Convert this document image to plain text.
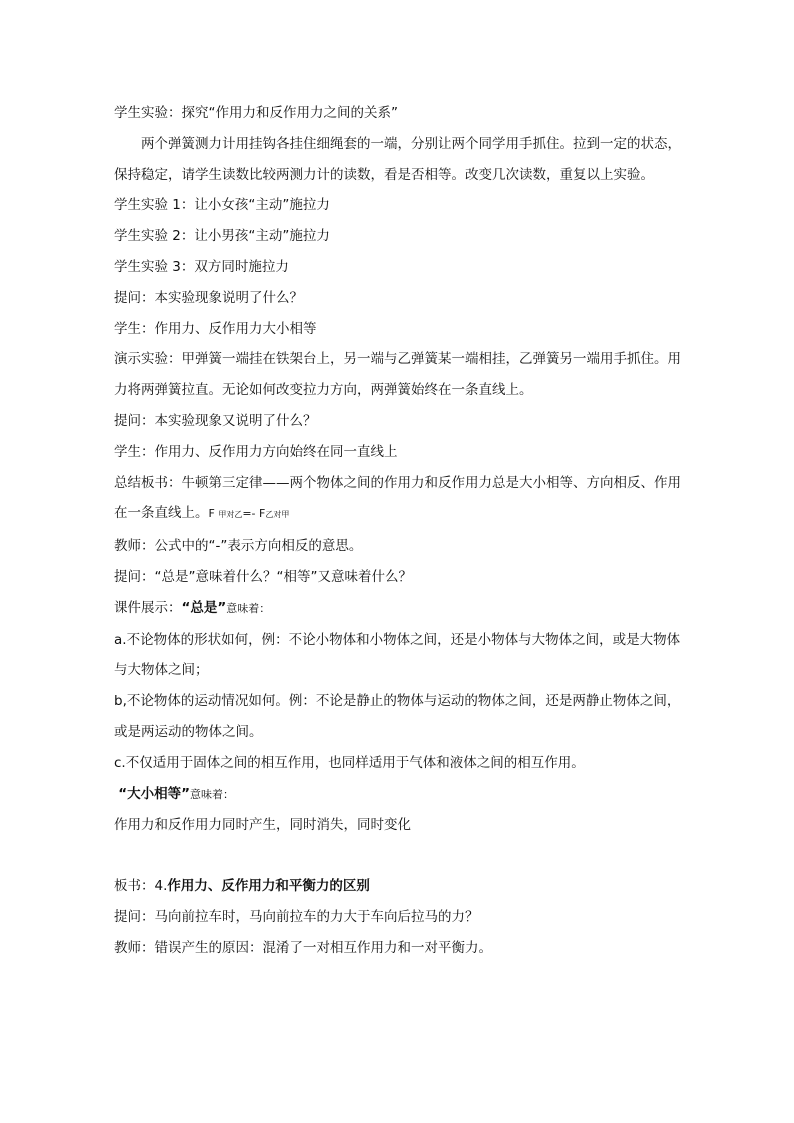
学生实验：探究“作用力和反作用力之间的关系”

两个弹簧测力计用挂钩各挂住细绳套的一端，分别让两个同学用手抓住。拉到一定的状态，保持稳定，请学生读数比较两测力计的读数，看是否相等。改变几次读数，重复以上实验。

学生实验 1：让小女孩“主动”施拉力

学生实验 2：让小男孩“主动”施拉力

学生实验 3：双方同时施拉力

提问：本实验现象说明了什么？

学生：作用力、反作用力大小相等

演示实验：甲弹簧一端挂在铁架台上，另一端与乙弹簧某一端相挂，乙弹簧另一端用手抓住。用力将两弹簧拉直。无论如何改变拉力方向，两弹簧始终在一条直线上。

提问：本实验现象又说明了什么？

学生：作用力、反作用力方向始终在同一直线上

总结板书：牛顿第三定律——两个物体之间的作用力和反作用力总是大小相等、方向相反、作用在一条直线上。F 甲对乙=- F乙对甲

教师：公式中的“-”表示方向相反的意思。

提问：“总是”意味着什么？“相等”又意味着什么？

课件展示：“总是”意味着：

a.不论物体的形状如何，例：不论小物体和小物体之间，还是小物体与大物体之间，或是大物体与大物体之间；

b,不论物体的运动情况如何。例：不论是静止的物体与运动的物体之间，还是两静止物体之间，或是两运动的物体之间。

c.不仅适用于固体之间的相互作用，也同样适用于气体和液体之间的相互作用。

“大小相等”意味着：

作用力和反作用力同时产生，同时消失，同时变化

板书：4.作用力、反作用力和平衡力的区别

提问：马向前拉车时，马向前拉车的力大于车向后拉马的力？

教师：错误产生的原因：混淆了一对相互作用力和一对平衡力。
